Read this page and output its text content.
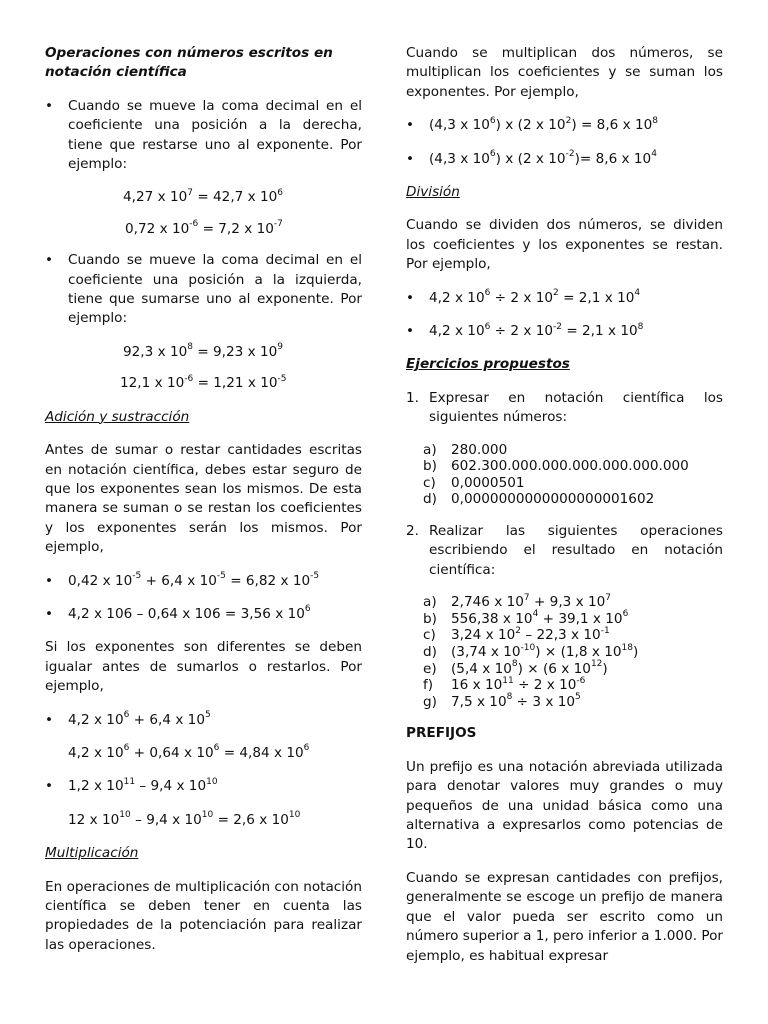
Operaciones con números escritos en notación científica

• Cuando se mueve la coma decimal en el coeficiente una posición a la derecha, tiene que restarse uno al exponente. Por ejemplo:

4,27 x $10^7 = 42,7$ x $10^6$
0,72 x $10^{-6} = 7,2$ x $10^{-7}$

• Cuando se mueve la coma decimal en el coeficiente una posición a la izquierda, tiene que sumarse uno al exponente. Por ejemplo:

92,3 x $10^8 = 9,23$ x $10^9$
12,1 x $10^{-6} = 1,21$ x $10^{-5}$

Adición y sustracción

Antes de sumar o restar cantidades escritas en notación científica, debes estar seguro de que los exponentes sean los mismos. De esta manera se suman o se restan los coeficientes y los exponentes serán los mismos. Por ejemplo,

• 0,42 x $10^{-5} + 6,4$ x $10^{-5} = 6,82$ x $10^{-5}$
• 4,2 x 106 – 0,64 x 106 = 3,56 x $10^6$

Si los exponentes son diferentes se deben igualar antes de sumarlos o restarlos. Por ejemplo,

• 4,2 x $10^6 + 6,4$ x $10^5$
4,2 x $10^6 + 0,64$ x $10^6 = 4,84$ x $10^6$
• 1,2 x $10^{11} - 9,4$ x $10^{10}$
12 x $10^{10} - 9,4$ x $10^{10} = 2,6$ x $10^{10}$

Multiplicación

En operaciones de multiplicación con notación científica se deben tener en cuenta las propiedades de la potenciación para realizar las operaciones.

Cuando se multiplican dos números, se multiplican los coeficientes y se suman los exponentes. Por ejemplo,

• (4,3 x $10^6$) x (2 x $10^2) = 8,6$ x $10^8$
• (4,3 x $10^6$) x (2 x $10^{-2})= 8,6$ x $10^4$

División

Cuando se dividen dos números, se dividen los coeficientes y los exponentes se restan. Por ejemplo,

• 4,2 x $10^6 \div 2$ x $10^2 = 2,1$ x $10^4$
• 4,2 x $10^6 \div 2$ x $10^{-2} = 2,1$ x $10^8$

Ejercicios propuestos

1. Expresar en notación científica los siguientes números:
a) 280.000
b) 602.300.000.000.000.000.000.000
c) 0,0000501
d) 0,0000000000000000001602
2. Realizar las siguientes operaciones escribiendo el resultado en notación científica:
a) 2,746 x $10^7 + 9,3$ x $10^7$
b) 556,38 x $10^4 + 39,1$ x $10^6$
c) 3,24 x $10^2 - 22,3$ x $10^{-1}$
d) (3,74 x $10^{-10}) \times (1,8$ x $10^{18}$)
e) (5,4 x $10^8) \times (6$ x $10^{12}$)
f) 16 x $10^{11} \div 2$ x $10^{-6}$
g) 7,5 x $10^8 \div 3$ x $10^5$

PREFIJOS

Un prefijo es una notación abreviada utilizada para denotar valores muy grandes o muy pequeños de una unidad básica como una alternativa a expresarlos como potencias de 10.

Cuando se expresan cantidades con prefijos, generalmente se escoge un prefijo de manera que el valor pueda ser escrito como un número superior a 1, pero inferior a 1.000. Por ejemplo, es habitual expresar
